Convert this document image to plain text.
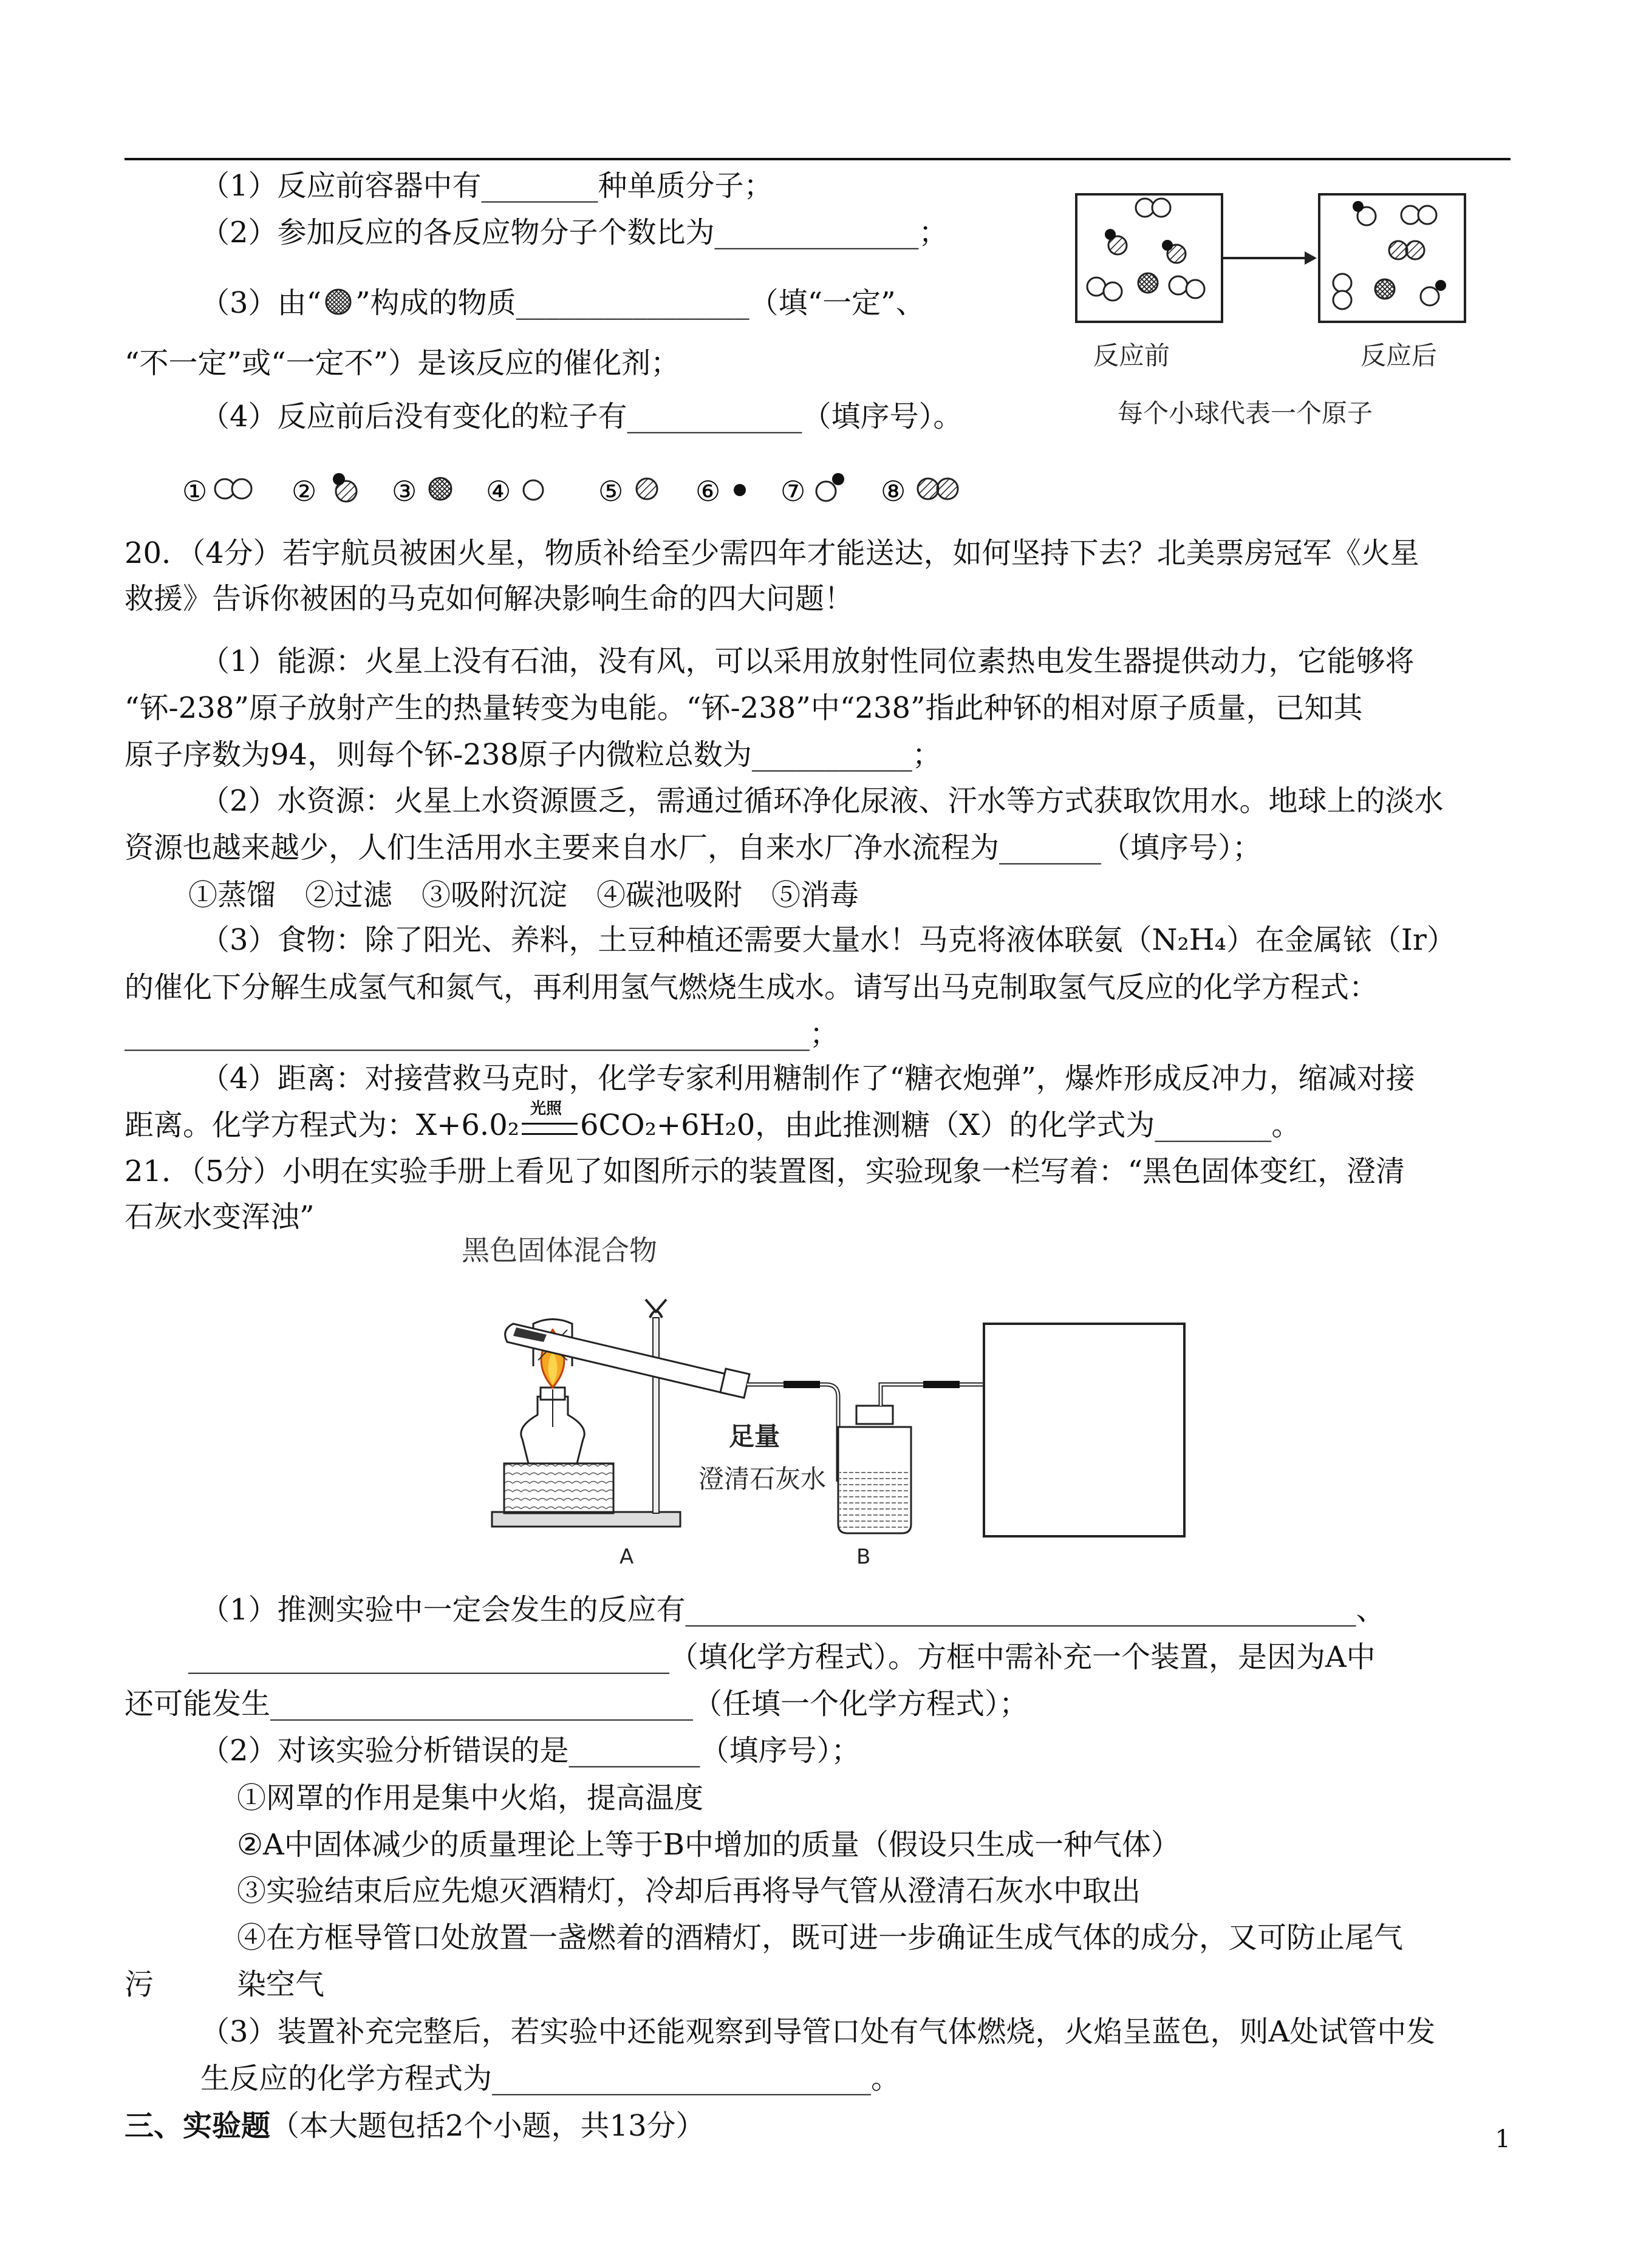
（1）反应前容器中有________种单质分子；
（2）参加反应的各反应物分子个数比为______________；
（3）由“ ”构成的物质________________（填“一定”、
“不一定”或“一定不”）是该反应的催化剂；
（4）反应前后没有变化的粒子有____________（填序号）。
①	②	③ ④	⑤	⑥ ⑦	⑧
反应前	反应后
每个小球代表一个原子
20．（4分）若宇航员被困火星，物质补给至少需四年才能送达，如何坚持下去？北美票房冠军《火星
救援》告诉你被困的马克如何解决影响生命的四大问题！
（1）能源：火星上没有石油，没有风，可以采用放射性同位素热电发生器提供动力，它能够将
“钚-238”原子放射产生的热量转变为电能。“钚-238”中“238”指此种钚的相对原子质量，已知其
原子序数为94，则每个钚-238原子内微粒总数为___________；
（2）水资源：火星上水资源匮乏，需通过循环净化尿液、汗水等方式获取饮用水。地球上的淡水
资源也越来越少，人们生活用水主要来自水厂，自来水厂净水流程为_______（填序号）；
①蒸馏　②过滤　③吸附沉淀　④碳池吸附　⑤消毒
（3）食物：除了阳光、养料，土豆种植还需要大量水！马克将液体联氨（N₂H₄）在金属铱（Ir）
的催化下分解生成氢气和氮气，再利用氢气燃烧生成水。请写出马克制取氢气反应的化学方程式：
_______________________________________________；
（4）距离：对接营救马克时，化学专家利用糖制作了“糖衣炮弹”，爆炸形成反冲力，缩减对接
距离。化学方程式为：X+6.0₂ 光照 6CO₂+6H₂0，由此推测糖（X）的化学式为________。
21．（5分）小明在实验手册上看见了如图所示的装置图，实验现象一栏写着：“黑色固体变红，澄清
石灰水变浑浊”
黑色固体混合物
足量
澄清石灰水
A	B
（1）推测实验中一定会发生的反应有______________________________________________、
_________________________________（填化学方程式）。方框中需补充一个装置，是因为A中
还可能发生_____________________________（任填一个化学方程式）；
（2）对该实验分析错误的是_________（填序号）；
①网罩的作用是集中火焰，提高温度
②A中固体减少的质量理论上等于B中增加的质量（假设只生成一种气体）
③实验结束后应先熄灭酒精灯，冷却后再将导气管从澄清石灰水中取出
④在方框导管口处放置一盏燃着的酒精灯，既可进一步确证生成气体的成分，又可防止尾气
污	染空气
（3）装置补充完整后，若实验中还能观察到导管口处有气体燃烧，火焰呈蓝色，则A处试管中发
生反应的化学方程式为__________________________。
三、实验题（本大题包括2个小题，共13分）	1
